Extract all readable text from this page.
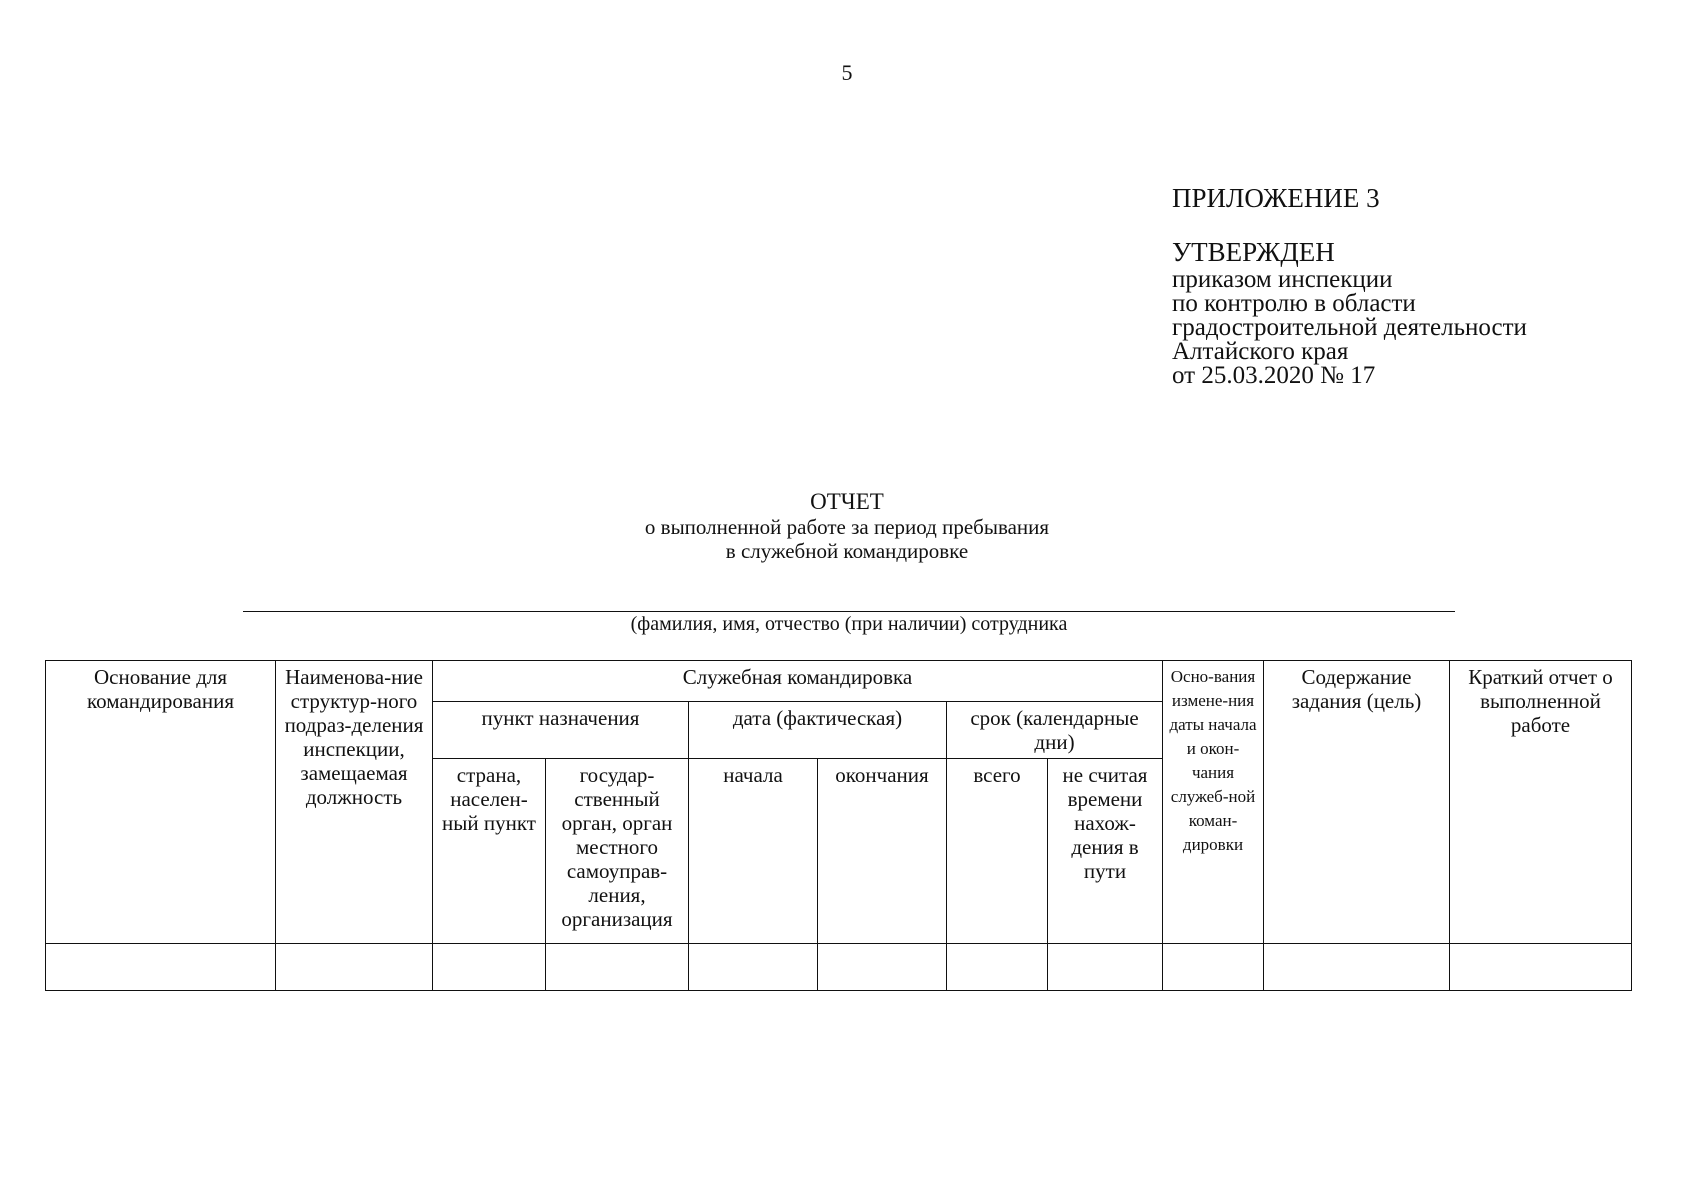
5
ПРИЛОЖЕНИЕ 3
УТВЕРЖДЕН
приказом инспекции
по контролю в области
градостроительной деятельности
Алтайского края
от 25.03.2020 № 17
ОТЧЕТ
о выполненной работе за период пребывания
в служебной командировке
(фамилия, имя, отчество (при наличии) сотрудника
Основание для командирования	Наименова-ние структур-ного подраз-деления инспекции, замещаемая должность	Служебная командировка						Осно-вания измене-ния даты начала и окон-чания служеб-ной коман-дировки	Содержание задания (цель)	Краткий отчет о выполненной работе
		пункт назначения		дата (фактическая)		срок (календарные дни)				
		страна, населен-ный пункт	государ-ственный орган, орган местного самоуправ-ления, организация	начала	окончания	всего	не считая времени нахож-дения в пути			
